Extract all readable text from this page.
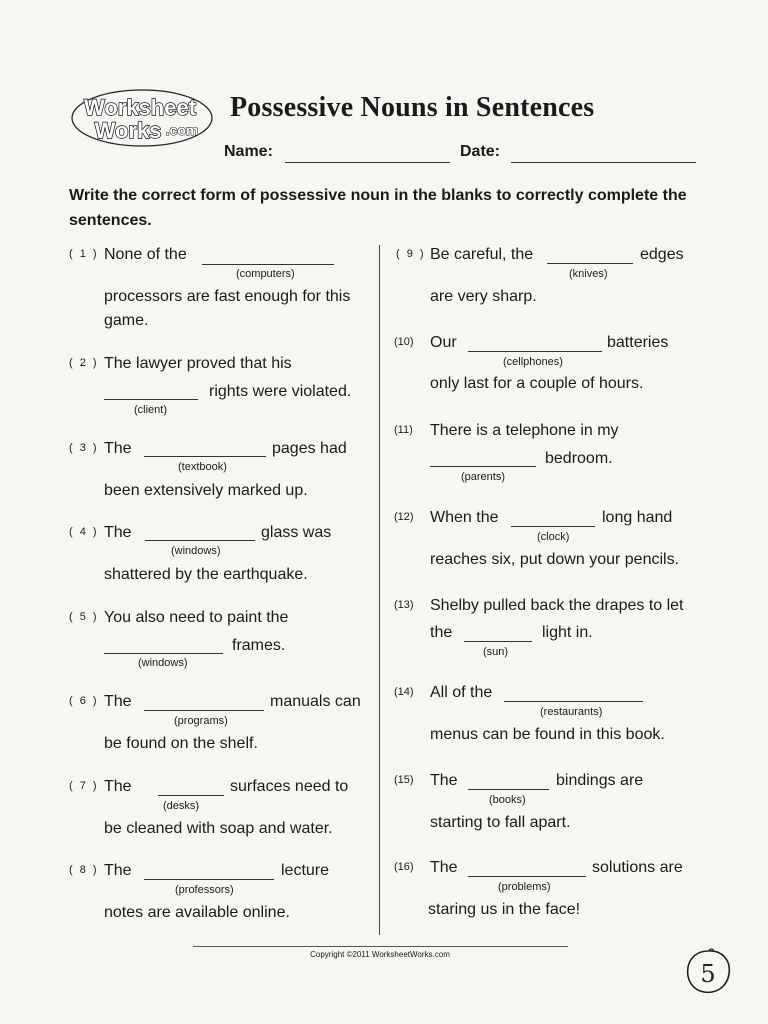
Worksheet
Works .com
Possessive Nouns in Sentences
Name:	Date:
Write the correct form of possessive noun in the blanks to correctly complete the sentences.
( 1 ) None of the
(computers)
processors are fast enough for this
game.
( 2 ) The lawyer proved that his
rights were violated.
(client)
( 3 ) The	pages had
(textbook)
been extensively marked up.
( 4 ) The	glass was
(windows)
shattered by the earthquake.
( 5 ) You also need to paint the
frames.
(windows)
( 6 ) The	manuals can
(programs)
be found on the shelf.
( 7 ) The	surfaces need to
(desks)
be cleaned with soap and water.
( 8 ) The	lecture
(professors)
notes are available online.
( 9 ) Be careful, the	edges
(knives)
are very sharp.
(10) Our	batteries
(cellphones)
only last for a couple of hours.
(11) There is a telephone in my
bedroom.
(parents)
(12) When the	long hand
(clock)
reaches six, put down your pencils.
(13) Shelby pulled back the drapes to let
the	light in.
(sun)
(14) All of the
(restaurants)
menus can be found in this book.
(15) The	bindings are
(books)
starting to fall apart.
(16) The	solutions are
(problems)
staring us in the face!
Copyright ©2011 WorksheetWorks.com
5
